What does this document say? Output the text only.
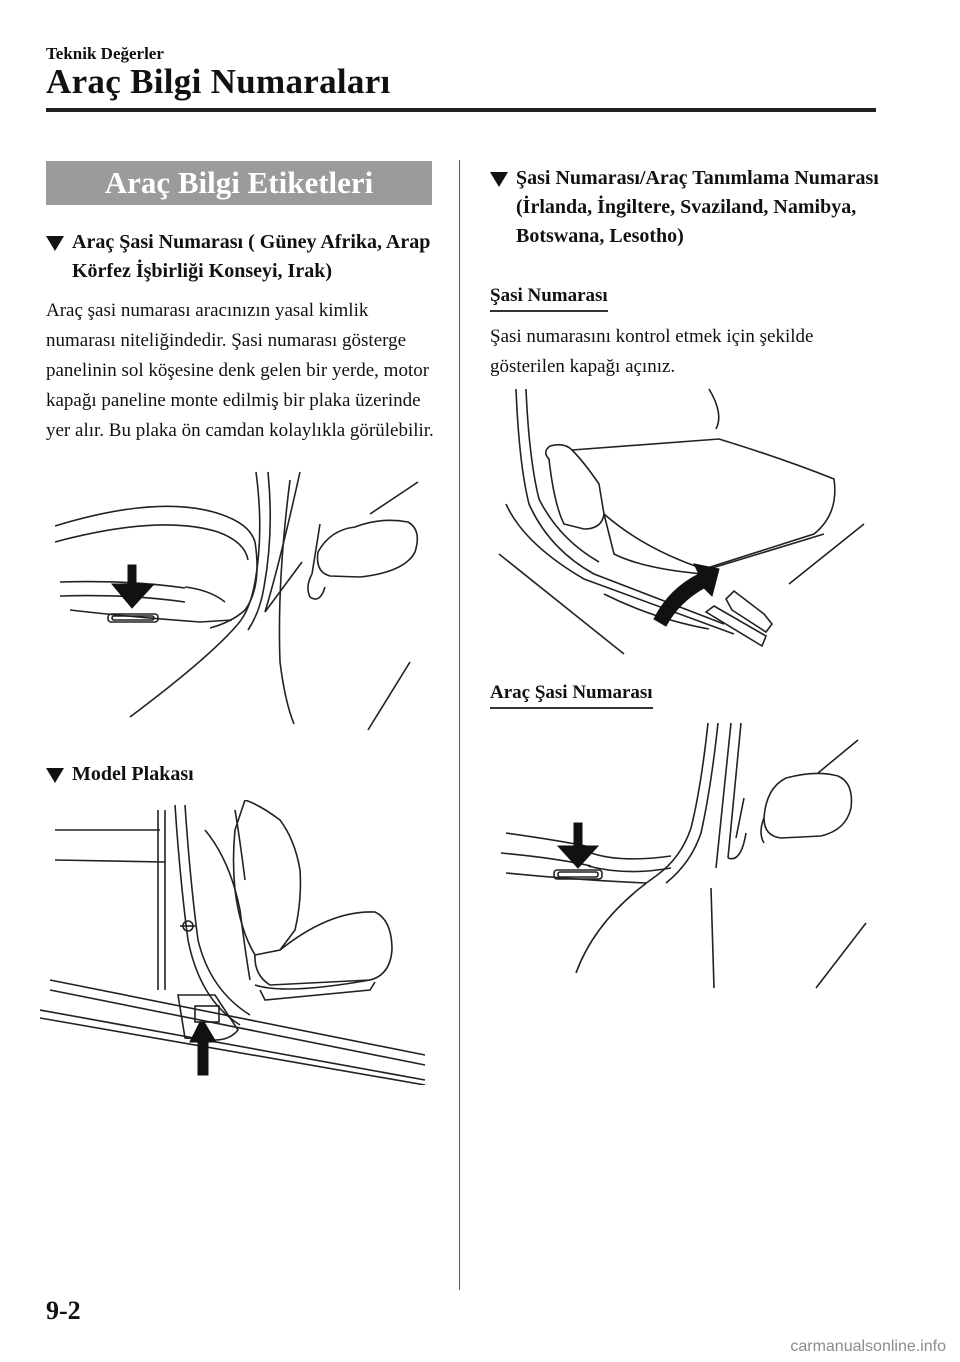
Teknik Değerler
Araç Bilgi Numaraları
Araç Bilgi Etiketleri
Araç Şasi Numarası ( Güney Afrika, Arap Körfez İşbirliği Konseyi, Irak)
Araç şasi numarası aracınızın yasal kimlik numarası niteliğindedir. Şasi numarası gösterge panelinin sol köşesine denk gelen bir yerde, motor kapağı paneline monte edilmiş bir plaka üzerinde yer alır. Bu plaka ön camdan kolaylıkla görülebilir.
Model Plakası
Şasi Numarası/Araç Tanımlama Numarası (İrlanda, İngiltere, Svaziland, Namibya, Botswana, Lesotho)
Şasi Numarası
Şasi numarasını kontrol etmek için şekilde gösterilen kapağı açınız.
Araç Şasi Numarası
9-2
carmanualsonline.info
